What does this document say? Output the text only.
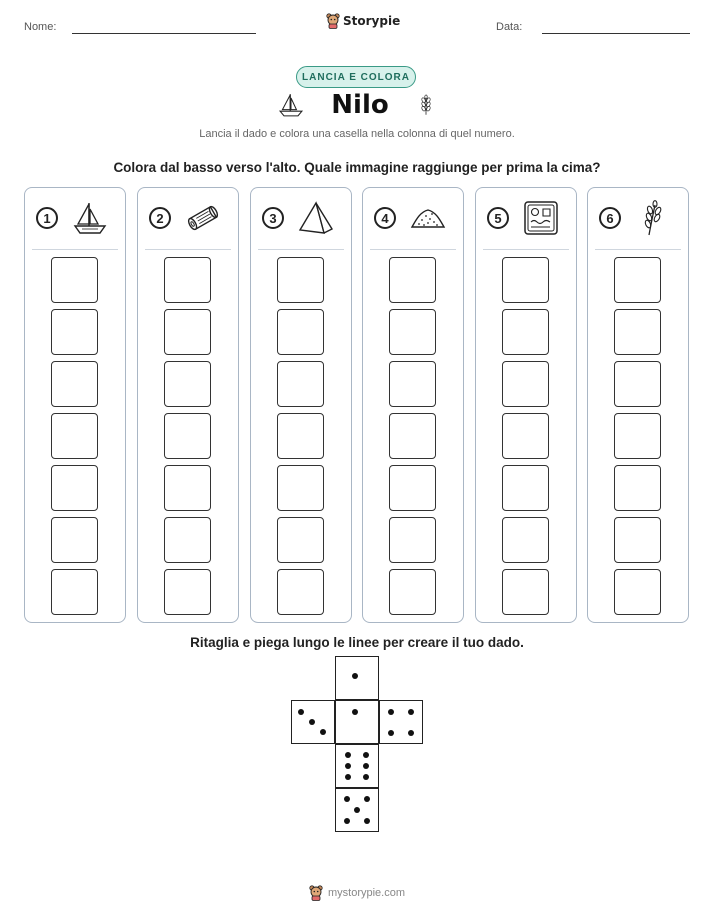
Nome:	Storypie	Data:
LANCIA E COLORA
Nilo
Lancia il dado e colora una casella nella colonna di quel numero.
Colora dal basso verso l'alto. Quale immagine raggiunge per prima la cima?
1	2	3	4	5	6
Ritaglia e piega lungo le linee per creare il tuo dado.
mystorypie.com
